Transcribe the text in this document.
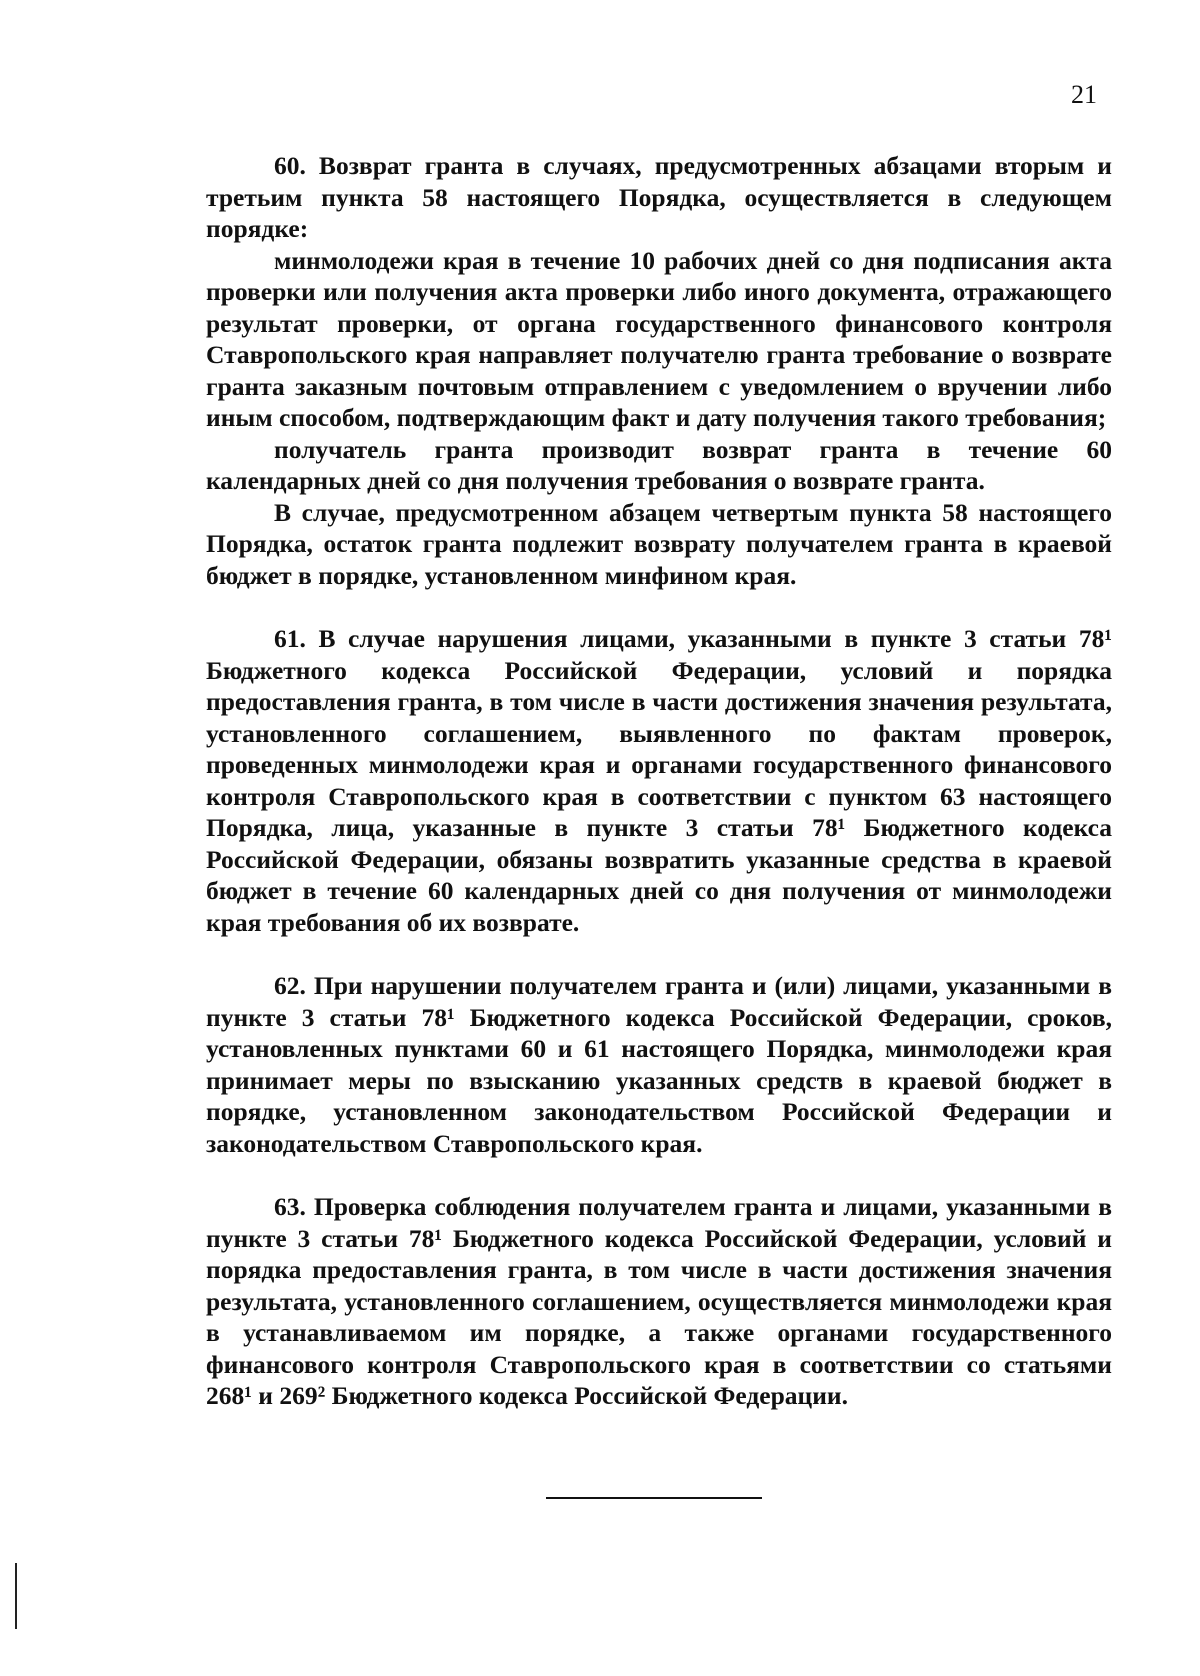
21

60. Возврат гранта в случаях, предусмотренных абзацами вторым и третьим пункта 58 настоящего Порядка, осуществляется в следующем порядке:

минмолодежи края в течение 10 рабочих дней со дня подписания акта проверки или получения акта проверки либо иного документа, отражающего результат проверки, от органа государственного финансового контроля Ставропольского края направляет получателю гранта требование о возврате гранта заказным почтовым отправлением с уведомлением о вручении либо иным способом, подтверждающим факт и дату получения такого требования;

получатель гранта производит возврат гранта в течение 60 календарных дней со дня получения требования о возврате гранта.

В случае, предусмотренном абзацем четвертым пункта 58 настоящего Порядка, остаток гранта подлежит возврату получателем гранта в краевой бюджет в порядке, установленном минфином края.

61. В случае нарушения лицами, указанными в пункте 3 статьи 78¹ Бюджетного кодекса Российской Федерации, условий и порядка предоставления гранта, в том числе в части достижения значения результата, установленного соглашением, выявленного по фактам проверок, проведенных минмолодежи края и органами государственного финансового контроля Ставропольского края в соответствии с пунктом 63 настоящего Порядка, лица, указанные в пункте 3 статьи 78¹ Бюджетного кодекса Российской Федерации, обязаны возвратить указанные средства в краевой бюджет в течение 60 календарных дней со дня получения от минмолодежи края требования об их возврате.

62. При нарушении получателем гранта и (или) лицами, указанными в пункте 3 статьи 78¹ Бюджетного кодекса Российской Федерации, сроков, установленных пунктами 60 и 61 настоящего Порядка, минмолодежи края принимает меры по взысканию указанных средств в краевой бюджет в порядке, установленном законодательством Российской Федерации и законодательством Ставропольского края.

63. Проверка соблюдения получателем гранта и лицами, указанными в пункте 3 статьи 78¹ Бюджетного кодекса Российской Федерации, условий и порядка предоставления гранта, в том числе в части достижения значения результата, установленного соглашением, осуществляется минмолодежи края в устанавливаемом им порядке, а также органами государственного финансового контроля Ставропольского края в соответствии со статьями 268¹ и 269² Бюджетного кодекса Российской Федерации.
